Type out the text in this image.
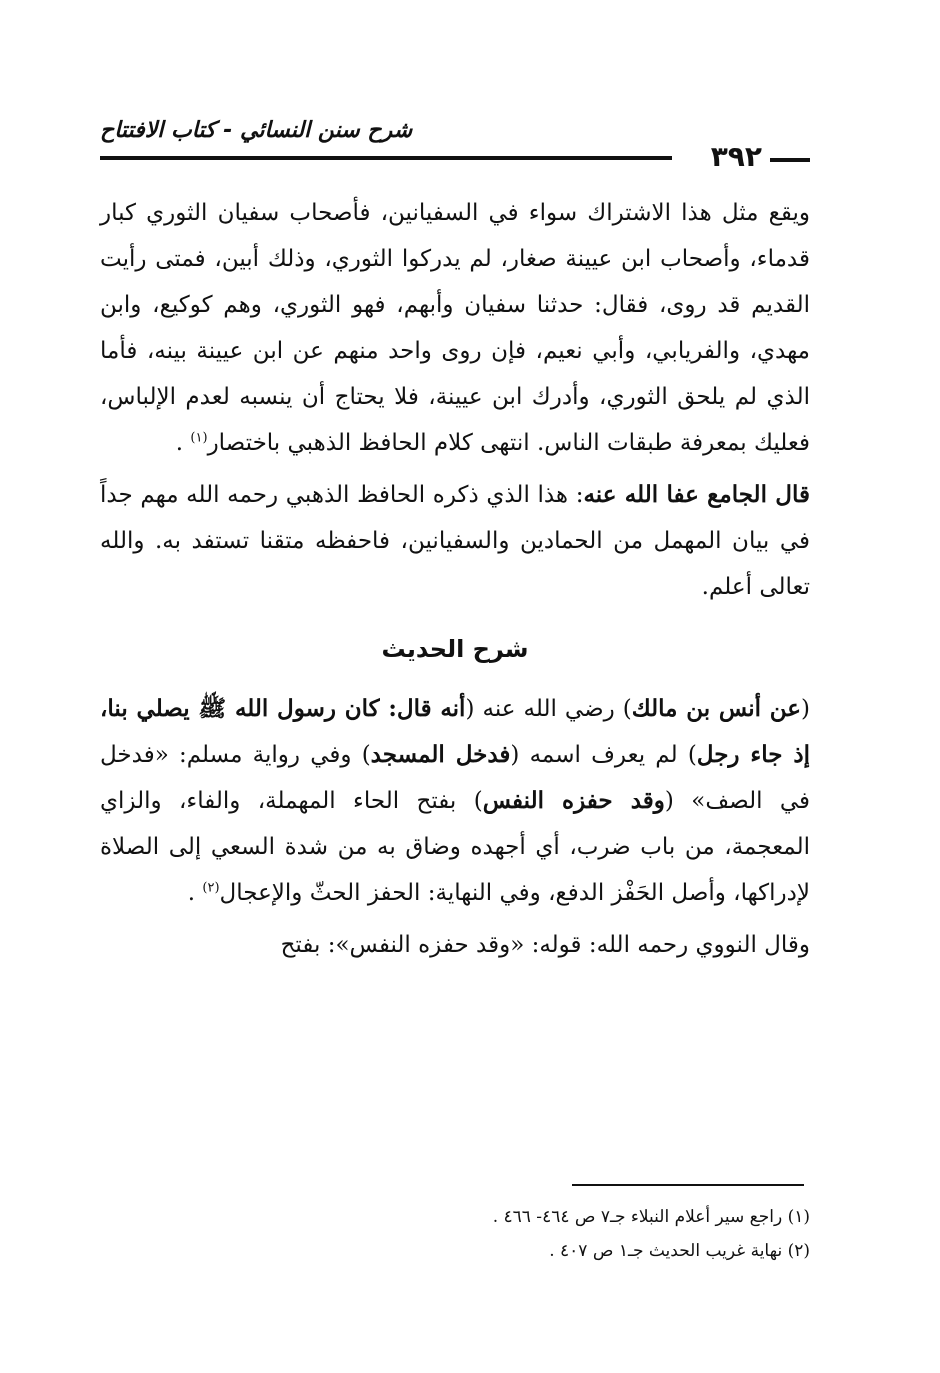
٣٩٢
شرح سنن النسائي - كتاب الافتتاح

ويقع مثل هذا الاشتراك سواء في السفيانين، فأصحاب سفيان الثوري كبار قدماء، وأصحاب ابن عيينة صغار، لم يدركوا الثوري، وذلك أبين، فمتى رأيت القديم قد روى، فقال: حدثنا سفيان وأبهم، فهو الثوري، وهم كوكيع، وابن مهدي، والفريابي، وأبي نعيم، فإن روى واحد منهم عن ابن عيينة بينه، فأما الذي لم يلحق الثوري، وأدرك ابن عيينة، فلا يحتاج أن ينسبه لعدم الإلباس، فعليك بمعرفة طبقات الناس. انتهى كلام الحافظ الذهبي باختصار$^{(١)}$ .

قال الجامع عفا الله عنه: هذا الذي ذكره الحافظ الذهبي رحمه الله مهم جداً في بيان المهمل من الحمادين والسفيانين، فاحفظه متقنا تستفد به. والله تعالى أعلم.

شرح الحديث

(عن أنس بن مالك) رضي الله عنه (أنه قال: كان رسول الله ﷺ يصلي بنا، إذ جاء رجل) لم يعرف اسمه (فدخل المسجد) وفي رواية مسلم: «فدخل في الصف» (وقد حفزه النفس) بفتح الحاء المهملة، والفاء، والزاي المعجمة، من باب ضرب، أي أجهده وضاق به من شدة السعي إلى الصلاة لإدراكها، وأصل الحَفْز الدفع، وفي النهاية: الحفز الحثّ والإعجال$^{(٢)}$ .

وقال النووي رحمه الله: قوله: «وقد حفزه النفس»: بفتح

(١) راجع سير أعلام النبلاء جـ٧ ص ٤٦٤- ٤٦٦ .

(٢) نهاية غريب الحديث جـ١ ص ٤٠٧ .
